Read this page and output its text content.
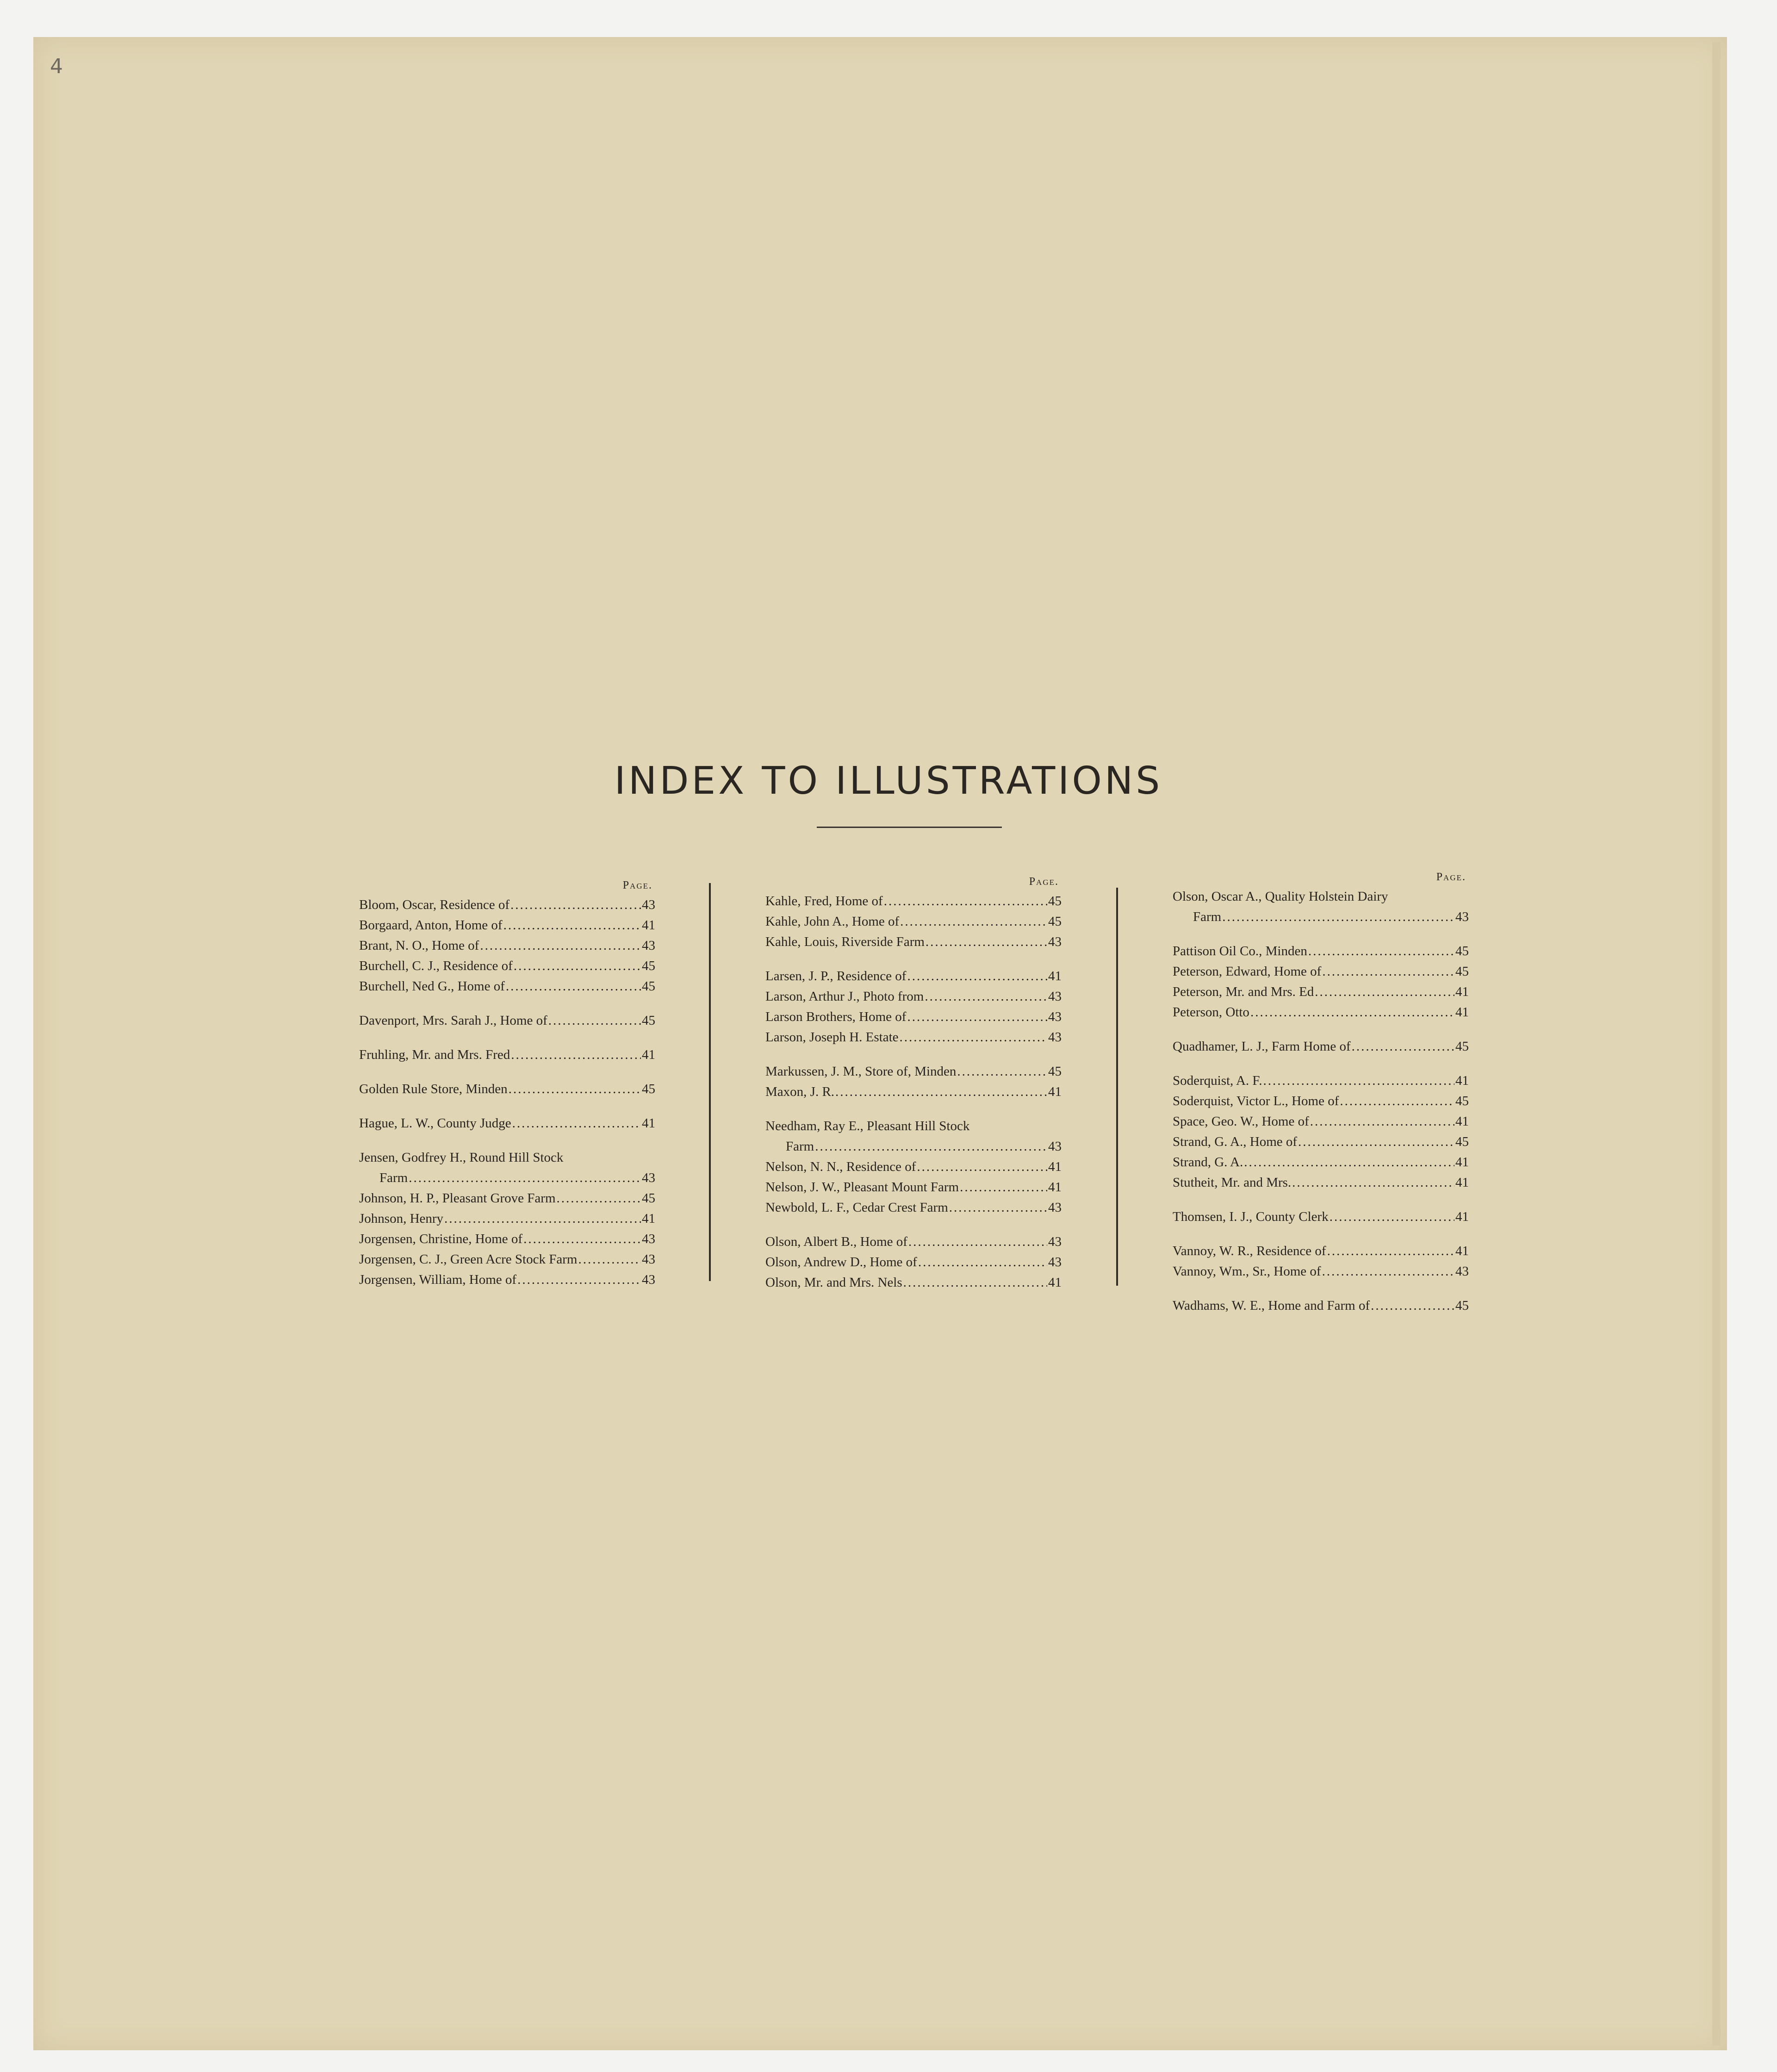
4
INDEX TO ILLUSTRATIONS
Page.
Bloom, Oscar, Residence of .....	43
Borgaard, Anton, Home of .....	41
Brant, N. O., Home of .....	43
Burchell, C. J., Residence of .....	45
Burchell, Ned G., Home of .....	45
Davenport, Mrs. Sarah J., Home of .....	45
Fruhling, Mr. and Mrs. Fred .....	41
Golden Rule Store, Minden .....	45
Hague, L. W., County Judge .....	41
Jensen, Godfrey H., Round Hill Stock
Farm .....	43
Johnson, H. P., Pleasant Grove Farm .....	45
Johnson, Henry .....	41
Jorgensen, Christine, Home of .....	43
Jorgensen, C. J., Green Acre Stock Farm .....	43
Jorgensen, William, Home of .....	43
Page.
Kahle, Fred, Home of .....	45
Kahle, John A., Home of .....	45
Kahle, Louis, Riverside Farm .....	43
Larsen, J. P., Residence of .....	41
Larson, Arthur J., Photo from .....	43
Larson Brothers, Home of .....	43
Larson, Joseph H. Estate .....	43
Markussen, J. M., Store of, Minden .....	45
Maxon, J. R. .....	41
Needham, Ray E., Pleasant Hill Stock
Farm .....	43
Nelson, N. N., Residence of .....	41
Nelson, J. W., Pleasant Mount Farm .....	41
Newbold, L. F., Cedar Crest Farm .....	43
Olson, Albert B., Home of .....	43
Olson, Andrew D., Home of .....	43
Olson, Mr. and Mrs. Nels .....	41
Page.
Olson, Oscar A., Quality Holstein Dairy
Farm .....	43
Pattison Oil Co., Minden .....	45
Peterson, Edward, Home of .....	45
Peterson, Mr. and Mrs. Ed .....	41
Peterson, Otto .....	41
Quadhamer, L. J., Farm Home of .....	45
Soderquist, A. F. .....	41
Soderquist, Victor L., Home of .....	45
Space, Geo. W., Home of .....	41
Strand, G. A., Home of .....	45
Strand, G. A. .....	41
Stutheit, Mr. and Mrs. .....	41
Thomsen, I. J., County Clerk .....	41
Vannoy, W. R., Residence of .....	41
Vannoy, Wm., Sr., Home of .....	43
Wadhams, W. E., Home and Farm of .....	45
